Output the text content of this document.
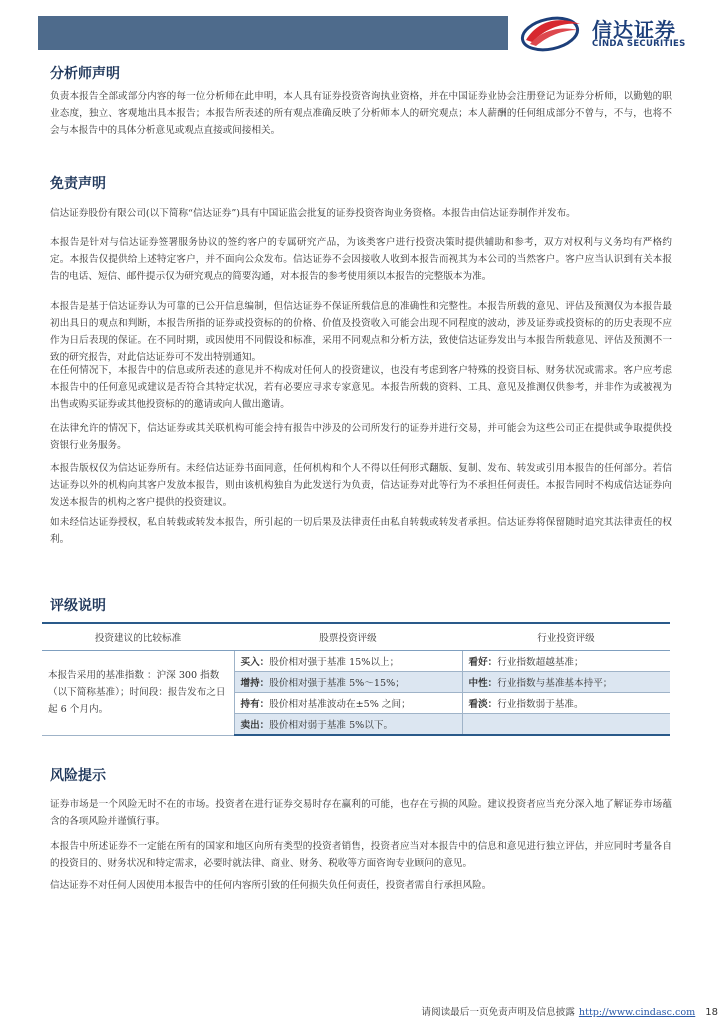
信达证券
CINDA SECURITIES
分析师声明

负责本报告全部或部分内容的每一位分析师在此申明，本人具有证券投资咨询执业资格，并在中国证券业协会注册登记为证券分析师，以勤勉的职业态度，独立、客观地出具本报告；本报告所表述的所有观点准确反映了分析师本人的研究观点；本人薪酬的任何组成部分不曾与，不与，也将不会与本报告中的具体分析意见或观点直接或间接相关。

免责声明

信达证券股份有限公司(以下简称“信达证券”)具有中国证监会批复的证券投资咨询业务资格。本报告由信达证券制作并发布。

本报告是针对与信达证券签署服务协议的签约客户的专属研究产品，为该类客户进行投资决策时提供辅助和参考，双方对权利与义务均有严格约定。本报告仅提供给上述特定客户，并不面向公众发布。信达证券不会因接收人收到本报告而视其为本公司的当然客户。客户应当认识到有关本报告的电话、短信、邮件提示仅为研究观点的简要沟通，对本报告的参考使用须以本报告的完整版本为准。

本报告是基于信达证券认为可靠的已公开信息编制，但信达证券不保证所载信息的准确性和完整性。本报告所载的意见、评估及预测仅为本报告最初出具日的观点和判断，本报告所指的证券或投资标的的价格、价值及投资收入可能会出现不同程度的波动，涉及证券或投资标的的历史表现不应作为日后表现的保证。在不同时期，或因使用不同假设和标准，采用不同观点和分析方法，致使信达证券发出与本报告所载意见、评估及预测不一致的研究报告，对此信达证券可不发出特别通知。

在任何情况下，本报告中的信息或所表述的意见并不构成对任何人的投资建议，也没有考虑到客户特殊的投资目标、财务状况或需求。客户应考虑本报告中的任何意见或建议是否符合其特定状况，若有必要应寻求专家意见。本报告所载的资料、工具、意见及推测仅供参考，并非作为或被视为出售或购买证券或其他投资标的的邀请或向人做出邀请。

在法律允许的情况下，信达证券或其关联机构可能会持有报告中涉及的公司所发行的证券并进行交易，并可能会为这些公司正在提供或争取提供投资银行业务服务。

本报告版权仅为信达证券所有。未经信达证券书面同意，任何机构和个人不得以任何形式翻版、复制、发布、转发或引用本报告的任何部分。若信达证券以外的机构向其客户发放本报告，则由该机构独自为此发送行为负责，信达证券对此等行为不承担任何责任。本报告同时不构成信达证券向发送本报告的机构之客户提供的投资建议。

如未经信达证券授权，私自转载或转发本报告，所引起的一切后果及法律责任由私自转载或转发者承担。信达证券将保留随时追究其法律责任的权利。

评级说明
投资建议的比较标准	股票投资评级	行业投资评级
本报告采用的基准指数 ：沪深 300 指数（以下简称基准）；时间段：报告发布之日起 6 个月内。	买入：股价相对强于基准 15%以上；	看好：行业指数超越基准；
	增持：股价相对强于基准 5%～15%；	中性：行业指数与基准基本持平；
	持有：股价相对基准波动在±5% 之间；	看淡：行业指数弱于基准。
	卖出：股价相对弱于基准 5%以下。	
风险提示

证券市场是一个风险无时不在的市场。投资者在进行证券交易时存在赢利的可能，也存在亏损的风险。建议投资者应当充分深入地了解证券市场蕴含的各项风险并谨慎行事。

本报告中所述证券不一定能在所有的国家和地区向所有类型的投资者销售，投资者应当对本报告中的信息和意见进行独立评估，并应同时考量各自的投资目的、财务状况和特定需求，必要时就法律、商业、财务、税收等方面咨询专业顾问的意见。

信达证券不对任何人因使用本报告中的任何内容所引致的任何损失负任何责任，投资者需自行承担风险。

请阅读最后一页免责声明及信息披露 http://www.cindasc.com 18
